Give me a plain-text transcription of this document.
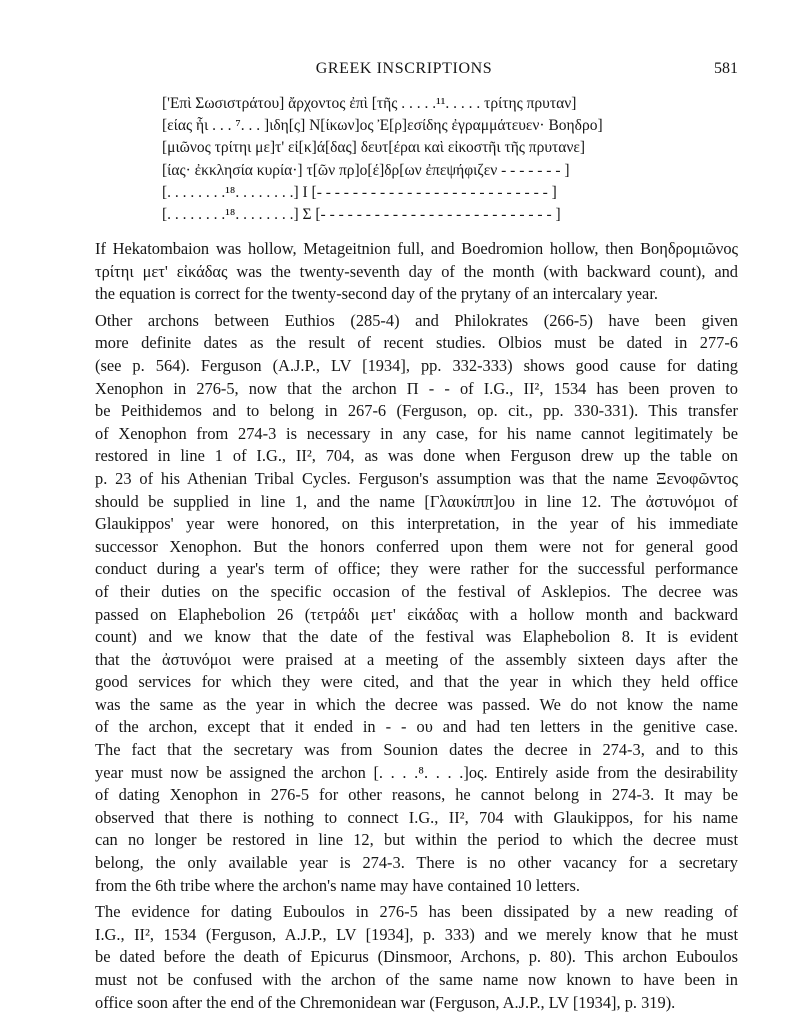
GREEK INSCRIPTIONS	581
['Επὶ Σωσιστράτου] ἄρχοντος ἐπὶ [τῆς . . . . .¹¹. . . . . τρίτης πρυταν]
[είας ἧι . . . ⁷. . . ]ιδη[ς] Ν[ίκων]ος Ἐ[ρ]εσίδης ἐγραμμάτευεν· Βοηδρο]
[μιῶνος τρίτηι με]τ' εἰ[κ]ά[δας] δευτ[έραι καὶ εἰκοστῆι τῆς πρυτανε]
[ίας· ἐκκλησία κυρία·] τ[ῶν πρ]ο[έ]δρ[ων ἐπεψήφιζεν - - - - - - - ]
[. . . . . . . .¹⁸. . . . . . . .] I [- - - - - - - - - - - - - - - - - - - - - - - - - - ]
[. . . . . . . .¹⁸. . . . . . . .] Σ [- - - - - - - - - - - - - - - - - - - - - - - - - - ]

If Hekatombaion was hollow, Metageitnion full, and Boedromion hollow, then Βοηδρομιῶνος
τρίτηι μετ' εἰκάδας was the twenty-seventh day of the month (with backward count), and
the equation is correct for the twenty-second day of the prytany of an intercalary year.

Other archons between Euthios (285-4) and Philokrates (266-5) have been given
more definite dates as the result of recent studies. Olbios must be dated in 277-6
(see p. 564). Ferguson (A.J.P., LV [1934], pp. 332-333) shows good cause for dating
Xenophon in 276-5, now that the archon Π - - of I.G., II², 1534 has been proven to
be Peithidemos and to belong in 267-6 (Ferguson, op. cit., pp. 330-331). This transfer
of Xenophon from 274-3 is necessary in any case, for his name cannot legitimately be
restored in line 1 of I.G., II², 704, as was done when Ferguson drew up the table on
p. 23 of his Athenian Tribal Cycles. Ferguson's assumption was that the name Ξενοφῶντος
should be supplied in line 1, and the name [Γλαυκίππ]ου in line 12. The ἀστυνόμοι of
Glaukippos' year were honored, on this interpretation, in the year of his immediate
successor Xenophon. But the honors conferred upon them were not for general good
conduct during a year's term of office; they were rather for the successful performance
of their duties on the specific occasion of the festival of Asklepios. The decree was
passed on Elaphebolion 26 (τετράδι μετ' εἰκάδας with a hollow month and backward
count) and we know that the date of the festival was Elaphebolion 8. It is evident
that the ἀστυνόμοι were praised at a meeting of the assembly sixteen days after the
good services for which they were cited, and that the year in which they held office
was the same as the year in which the decree was passed. We do not know the name
of the archon, except that it ended in - - ου and had ten letters in the genitive case.
The fact that the secretary was from Sounion dates the decree in 274-3, and to this
year must now be assigned the archon [. . . .⁸. . . .]ος. Entirely aside from the desirability
of dating Xenophon in 276-5 for other reasons, he cannot belong in 274-3. It may be
observed that there is nothing to connect I.G., II², 704 with Glaukippos, for his name
can no longer be restored in line 12, but within the period to which the decree must
belong, the only available year is 274-3. There is no other vacancy for a secretary
from the 6th tribe where the archon's name may have contained 10 letters.

The evidence for dating Euboulos in 276-5 has been dissipated by a new reading of
I.G., II², 1534 (Ferguson, A.J.P., LV [1934], p. 333) and we merely know that he must
be dated before the death of Epicurus (Dinsmoor, Archons, p. 80). This archon Euboulos
must not be confused with the archon of the same name now known to have been in
office soon after the end of the Chremonidean war (Ferguson, A.J.P., LV [1934], p. 319).
